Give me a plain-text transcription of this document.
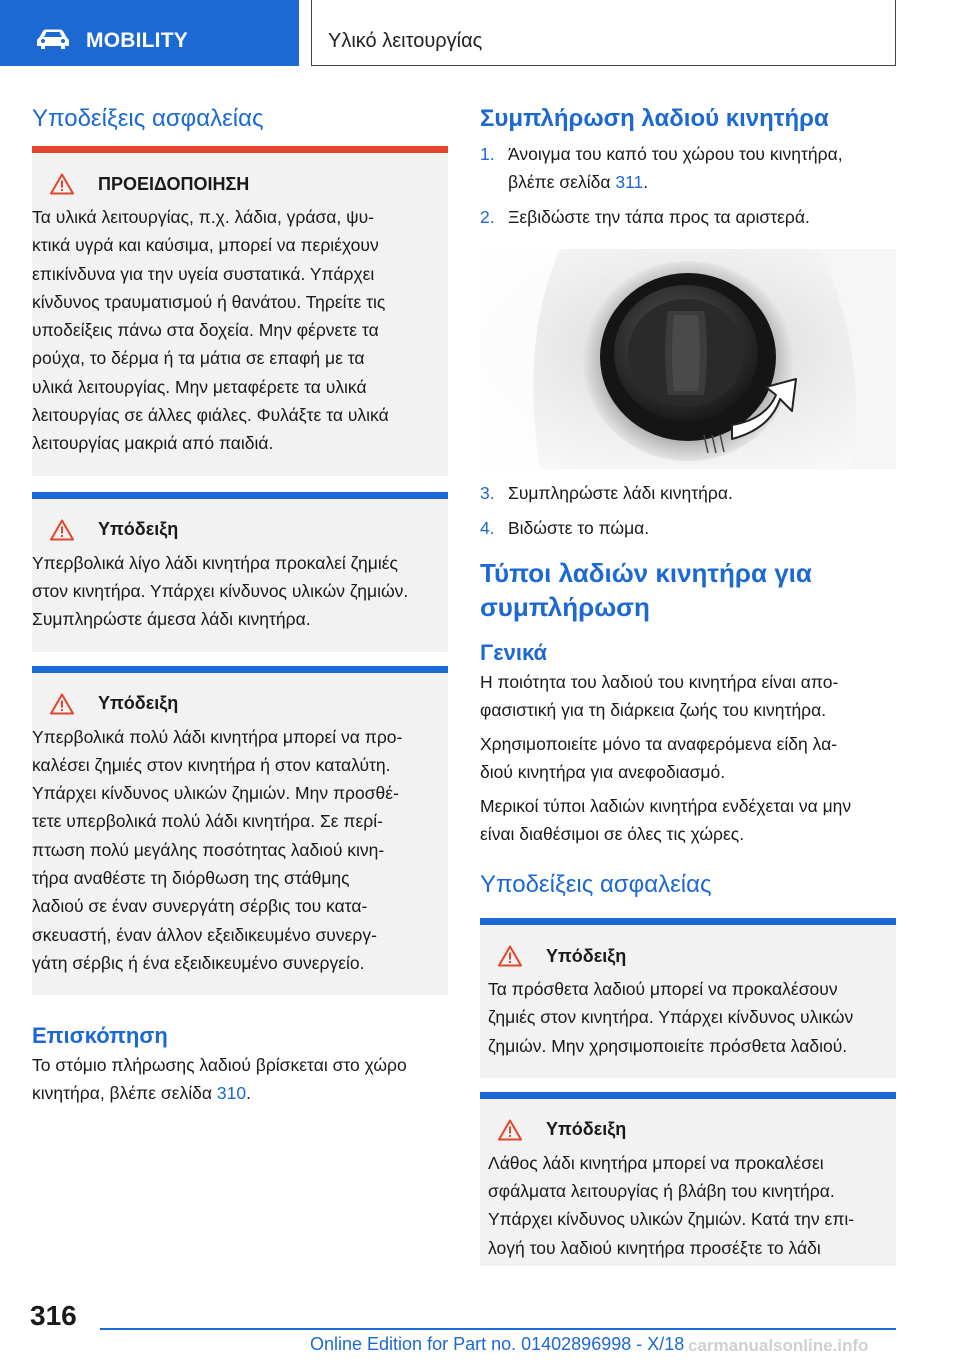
MOBILITY	Υλικό λειτουργίας
Υποδείξεις ασφαλείας
ΠΡΟΕΙΔΟΠΟΙΗΣΗ
Τα υλικά λειτουργίας, π.χ. λάδια, γράσα, ψυ-
κτικά υγρά και καύσιμα, μπορεί να περιέχουν
επικίνδυνα για την υγεία συστατικά. Υπάρχει
κίνδυνος τραυματισμού ή θανάτου. Τηρείτε τις
υποδείξεις πάνω στα δοχεία. Μην φέρνετε τα
ρούχα, το δέρμα ή τα μάτια σε επαφή με τα
υλικά λειτουργίας. Μην μεταφέρετε τα υλικά
λειτουργίας σε άλλες φιάλες. Φυλάξτε τα υλικά
λειτουργίας μακριά από παιδιά.
Υπόδειξη
Υπερβολικά λίγο λάδι κινητήρα προκαλεί ζημιές
στον κινητήρα. Υπάρχει κίνδυνος υλικών ζημιών.
Συμπληρώστε άμεσα λάδι κινητήρα.
Υπόδειξη
Υπερβολικά πολύ λάδι κινητήρα μπορεί να προ-
καλέσει ζημιές στον κινητήρα ή στον καταλύτη.
Υπάρχει κίνδυνος υλικών ζημιών. Μην προσθέ-
τετε υπερβολικά πολύ λάδι κινητήρα. Σε περί-
πτωση πολύ μεγάλης ποσότητας λαδιού κινη-
τήρα αναθέστε τη διόρθωση της στάθμης
λαδιού σε έναν συνεργάτη σέρβις του κατα-
σκευαστή, έναν άλλον εξειδικευμένο συνεργ-
γάτη σέρβις ή ένα εξειδικευμένο συνεργείο.
Επισκόπηση

Το στόμιο πλήρωσης λαδιού βρίσκεται στο χώρο
κινητήρα, βλέπε σελίδα 310.

Συμπλήρωση λαδιού κινητήρα
1. Άνοιγμα του καπό του χώρου του κινητήρα,
βλέπε σελίδα 311.
2. Ξεβιδώστε την τάπα προς τα αριστερά.
3. Συμπληρώστε λάδι κινητήρα.
4. Βιδώστε το πώμα.
Τύποι λαδιών κινητήρα για
συμπλήρωση
Γενικά

Η ποιότητα του λαδιού του κινητήρα είναι απο-
φασιστική για τη διάρκεια ζωής του κινητήρα.

Χρησιμοποιείτε μόνο τα αναφερόμενα είδη λα-
διού κινητήρα για ανεφοδιασμό.

Μερικοί τύποι λαδιών κινητήρα ενδέχεται να μην
είναι διαθέσιμοι σε όλες τις χώρες.

Υποδείξεις ασφαλείας
Υπόδειξη
Τα πρόσθετα λαδιού μπορεί να προκαλέσουν
ζημιές στον κινητήρα. Υπάρχει κίνδυνος υλικών
ζημιών. Μην χρησιμοποιείτε πρόσθετα λαδιού.
Υπόδειξη
Λάθος λάδι κινητήρα μπορεί να προκαλέσει
σφάλματα λειτουργίας ή βλάβη του κινητήρα.
Υπάρχει κίνδυνος υλικών ζημιών. Κατά την επι-
λογή του λαδιού κινητήρα προσέξτε το λάδι
316
Online Edition for Part no. 01402896998 - X/18 carmanualsonline.info
